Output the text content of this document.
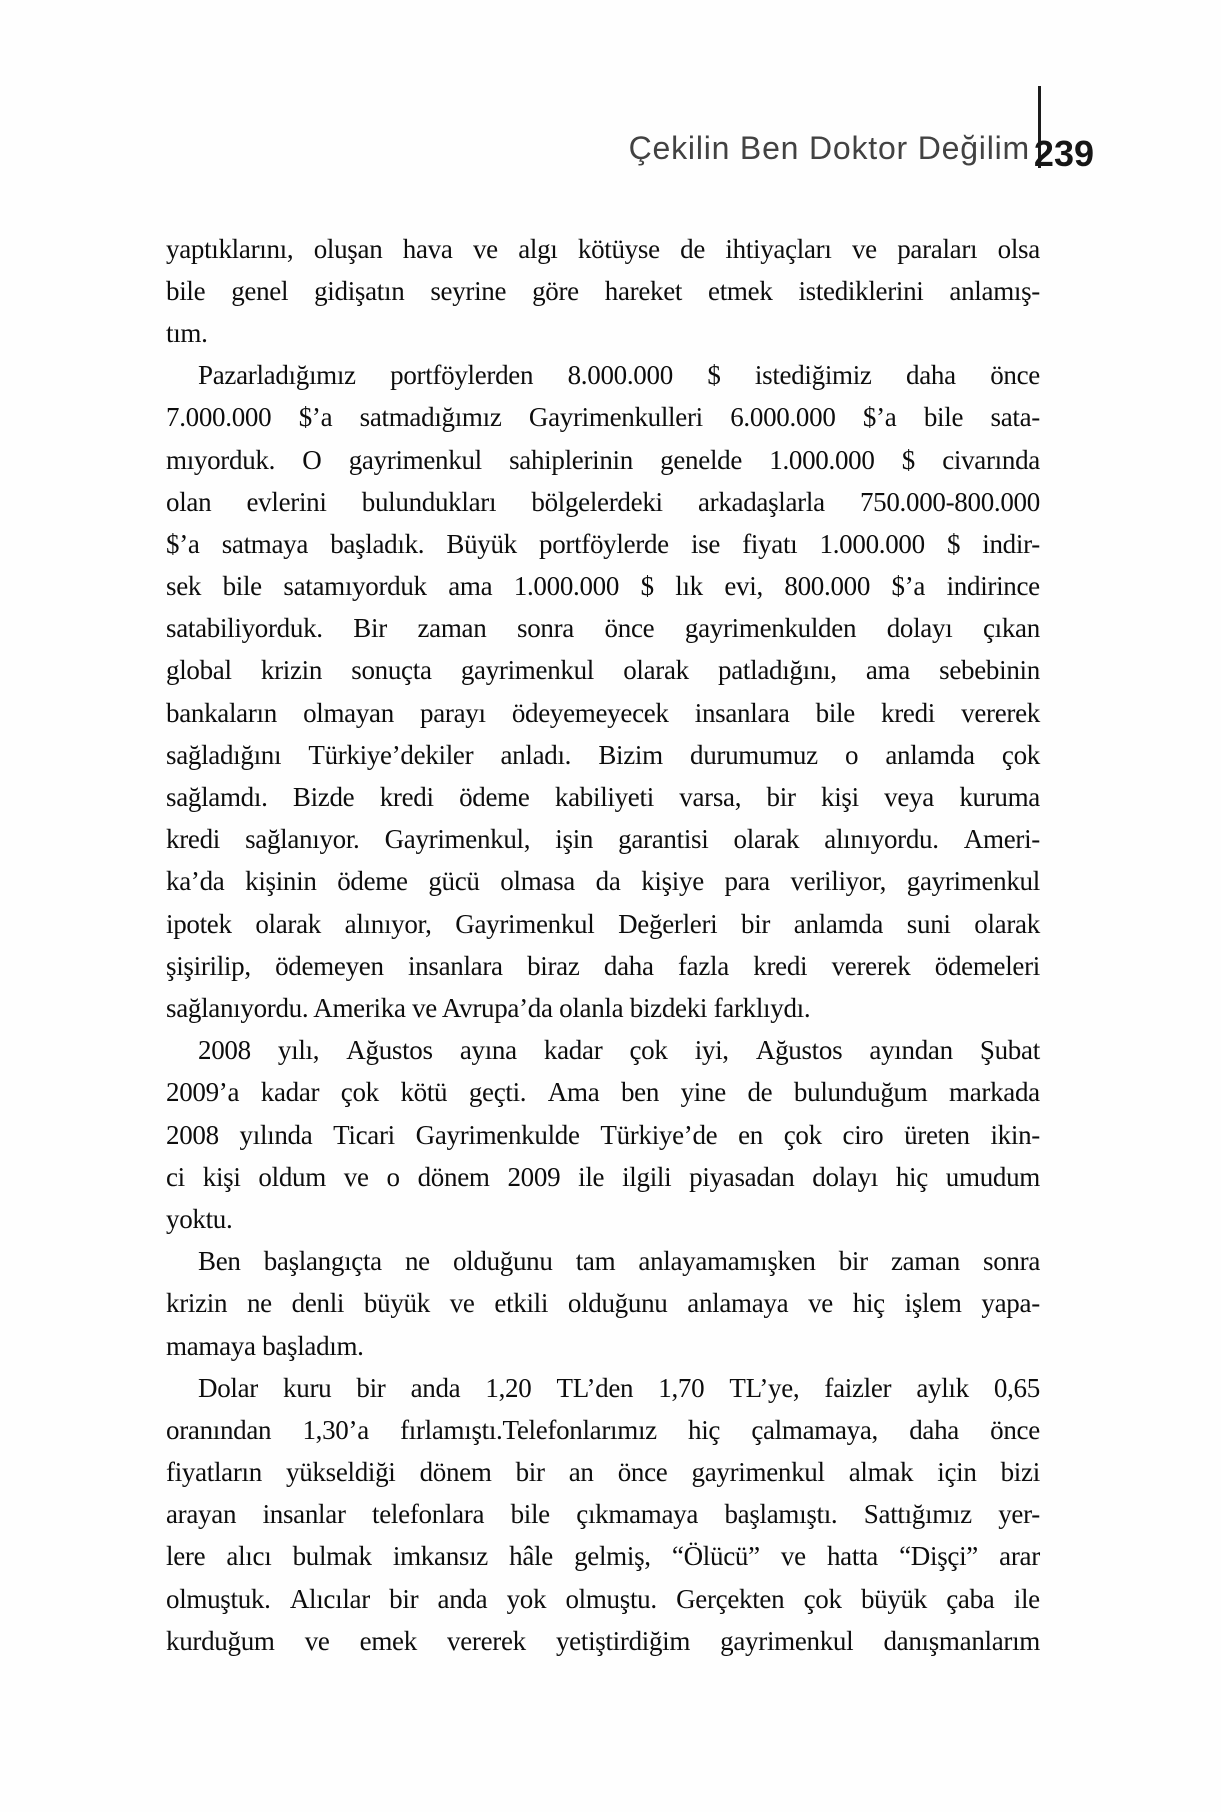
Çekilin Ben Doktor Değilim 239
yaptıklarını, oluşan hava ve algı kötüyse de ihtiyaçları ve paraları olsa
bile genel gidişatın seyrine göre hareket etmek istediklerini anlamış-
tım.
Pazarladığımız portföylerden 8.000.000 $ istediğimiz daha önce
7.000.000 $’a satmadığımız Gayrimenkulleri 6.000.000 $’a bile sata-
mıyorduk. O gayrimenkul sahiplerinin genelde 1.000.000 $ civarında
olan evlerini bulundukları bölgelerdeki arkadaşlarla 750.000-800.000
$’a satmaya başladık. Büyük portföylerde ise fiyatı 1.000.000 $ indir-
sek bile satamıyorduk ama 1.000.000 $ lık evi, 800.000 $’a indirince
satabiliyorduk. Bir zaman sonra önce gayrimenkulden dolayı çıkan
global krizin sonuçta gayrimenkul olarak patladığını, ama sebebinin
bankaların olmayan parayı ödeyemeyecek insanlara bile kredi vererek
sağladığını Türkiye’dekiler anladı. Bizim durumumuz o anlamda çok
sağlamdı. Bizde kredi ödeme kabiliyeti varsa, bir kişi veya kuruma
kredi sağlanıyor. Gayrimenkul, işin garantisi olarak alınıyordu. Ameri-
ka’da kişinin ödeme gücü olmasa da kişiye para veriliyor, gayrimenkul
ipotek olarak alınıyor, Gayrimenkul Değerleri bir anlamda suni olarak
şişirilip, ödemeyen insanlara biraz daha fazla kredi vererek ödemeleri
sağlanıyordu. Amerika ve Avrupa’da olanla bizdeki farklıydı.
2008 yılı, Ağustos ayına kadar çok iyi, Ağustos ayından Şubat
2009’a kadar çok kötü geçti. Ama ben yine de bulunduğum markada
2008 yılında Ticari Gayrimenkulde Türkiye’de en çok ciro üreten ikin-
ci kişi oldum ve o dönem 2009 ile ilgili piyasadan dolayı hiç umudum
yoktu.
Ben başlangıçta ne olduğunu tam anlayamamışken bir zaman sonra
krizin ne denli büyük ve etkili olduğunu anlamaya ve hiç işlem yapa-
mamaya başladım.
Dolar kuru bir anda 1,20 TL’den 1,70 TL’ye, faizler aylık 0,65
oranından 1,30’a fırlamıştı.Telefonlarımız hiç çalmamaya, daha önce
fiyatların yükseldiği dönem bir an önce gayrimenkul almak için bizi
arayan insanlar telefonlara bile çıkmamaya başlamıştı. Sattığımız yer-
lere alıcı bulmak imkansız hâle gelmiş, “Ölücü” ve hatta “Dişçi” arar
olmuştuk. Alıcılar bir anda yok olmuştu. Gerçekten çok büyük çaba ile
kurduğum ve emek vererek yetiştirdiğim gayrimenkul danışmanlarım
